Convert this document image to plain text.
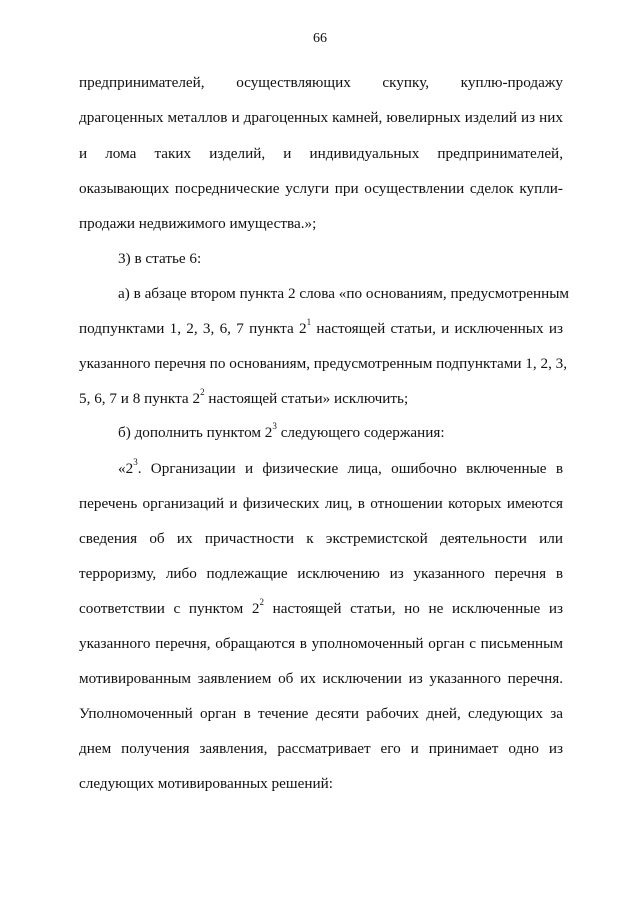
66
предпринимателей, осуществляющих скупку, куплю-продажу
драгоценных металлов и драгоценных камней, ювелирных изделий из них
и лома таких изделий, и индивидуальных предпринимателей,
оказывающих посреднические услуги при осуществлении сделок купли-
продажи недвижимого имущества.»;
3) в статье 6:
а) в абзаце втором пункта 2 слова «по основаниям, предусмотренным
подпунктами 1, 2, 3, 6, 7 пункта $2^1$ настоящей статьи, и исключенных из
указанного перечня по основаниям, предусмотренным подпунктами 1, 2, 3,
5, 6, 7 и 8 пункта $2^2$ настоящей статьи» исключить;
б) дополнить пунктом $2^3$ следующего содержания:
«$2^3$. Организации и физические лица, ошибочно включенные в
перечень организаций и физических лиц, в отношении которых имеются
сведения об их причастности к экстремистской деятельности или
терроризму, либо подлежащие исключению из указанного перечня в
соответствии с пунктом $2^2$ настоящей статьи, но не исключенные из
указанного перечня, обращаются в уполномоченный орган с письменным
мотивированным заявлением об их исключении из указанного перечня.
Уполномоченный орган в течение десяти рабочих дней, следующих за
днем получения заявления, рассматривает его и принимает одно из
следующих мотивированных решений:
